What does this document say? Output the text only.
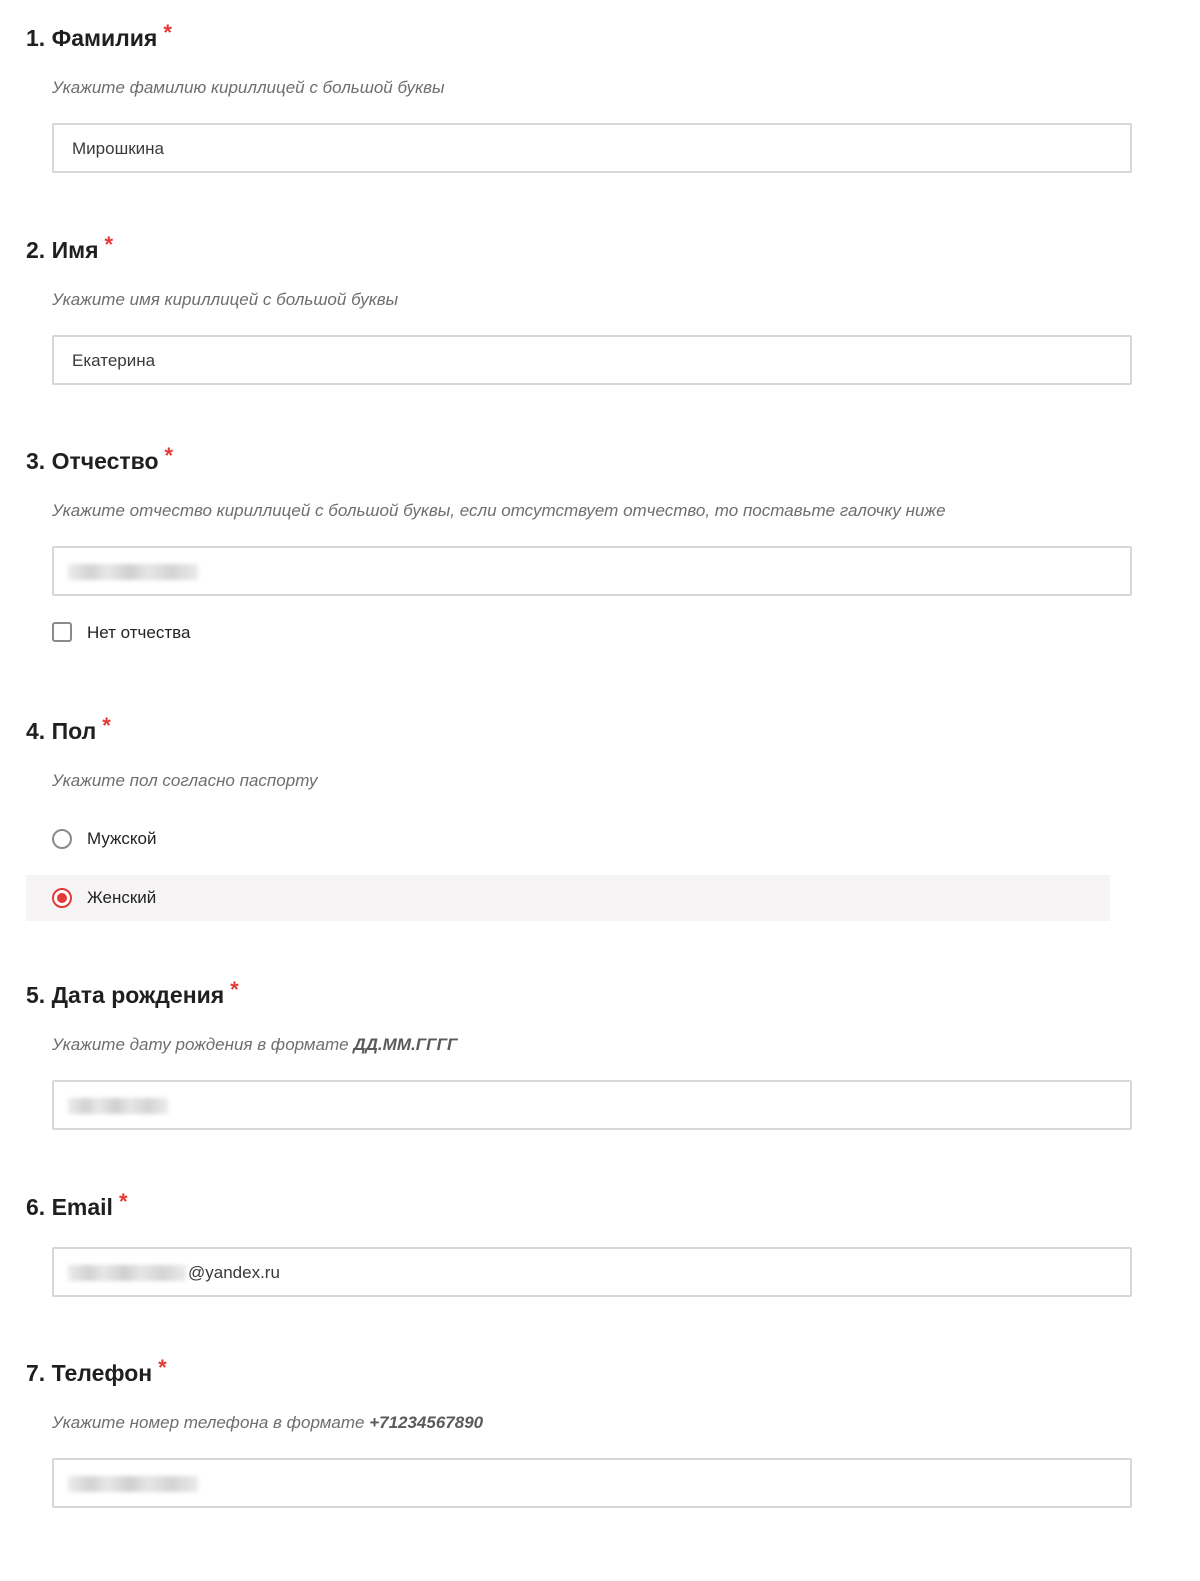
1. Фамилия *
Укажите фамилию кириллицей с большой буквы
Мирошкина
2. Имя *
Укажите имя кириллицей с большой буквы
Екатерина
3. Отчество *
Укажите отчество кириллицей с большой буквы, если отсутствует отчество, то поставьте галочку ниже
Нет отчества
4. Пол *
Укажите пол согласно паспорту
Мужской
Женский
5. Дата рождения *
Укажите дату рождения в формате ДД.ММ.ГГГГ
6. Email *
@yandex.ru
7. Телефон *
Укажите номер телефона в формате +71234567890
